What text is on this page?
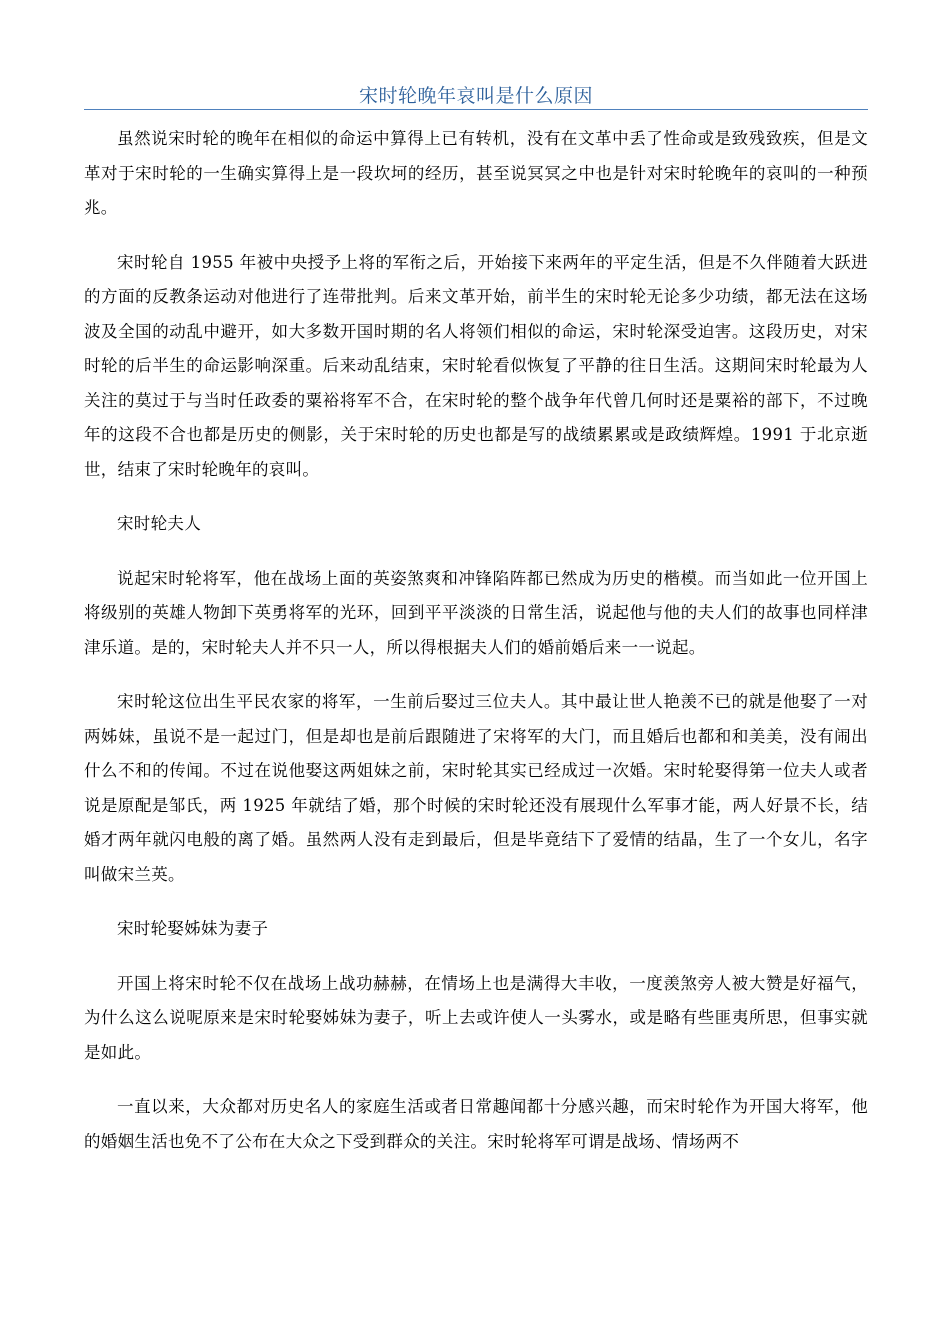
宋时轮晚年哀叫是什么原因

虽然说宋时轮的晚年在相似的命运中算得上已有转机，没有在文革中丢了性命或是致残致疾，但是文革对于宋时轮的一生确实算得上是一段坎坷的经历，甚至说冥冥之中也是针对宋时轮晚年的哀叫的一种预兆。

宋时轮自 1955 年被中央授予上将的军衔之后，开始接下来两年的平定生活，但是不久伴随着大跃进的方面的反教条运动对他进行了连带批判。后来文革开始，前半生的宋时轮无论多少功绩，都无法在这场波及全国的动乱中避开，如大多数开国时期的名人将领们相似的命运，宋时轮深受迫害。这段历史，对宋时轮的后半生的命运影响深重。后来动乱结束，宋时轮看似恢复了平静的往日生活。这期间宋时轮最为人关注的莫过于与当时任政委的粟裕将军不合，在宋时轮的整个战争年代曾几何时还是粟裕的部下，不过晚年的这段不合也都是历史的侧影，关于宋时轮的历史也都是写的战绩累累或是政绩辉煌。1991 于北京逝世，结束了宋时轮晚年的哀叫。

宋时轮夫人

说起宋时轮将军，他在战场上面的英姿煞爽和冲锋陷阵都已然成为历史的楷模。而当如此一位开国上将级别的英雄人物卸下英勇将军的光环，回到平平淡淡的日常生活，说起他与他的夫人们的故事也同样津津乐道。是的，宋时轮夫人并不只一人，所以得根据夫人们的婚前婚后来一一说起。

宋时轮这位出生平民农家的将军，一生前后娶过三位夫人。其中最让世人艳羡不已的就是他娶了一对两姊妹，虽说不是一起过门，但是却也是前后跟随进了宋将军的大门，而且婚后也都和和美美，没有闹出什么不和的传闻。不过在说他娶这两姐妹之前，宋时轮其实已经成过一次婚。宋时轮娶得第一位夫人或者说是原配是邹氏，两 1925 年就结了婚，那个时候的宋时轮还没有展现什么军事才能，两人好景不长，结婚才两年就闪电般的离了婚。虽然两人没有走到最后，但是毕竟结下了爱情的结晶，生了一个女儿，名字叫做宋兰英。

宋时轮娶姊妹为妻子

开国上将宋时轮不仅在战场上战功赫赫，在情场上也是满得大丰收，一度羡煞旁人被大赞是好福气，为什么这么说呢原来是宋时轮娶姊妹为妻子，听上去或许使人一头雾水，或是略有些匪夷所思，但事实就是如此。

一直以来，大众都对历史名人的家庭生活或者日常趣闻都十分感兴趣，而宋时轮作为开国大将军，他的婚姻生活也免不了公布在大众之下受到群众的关注。宋时轮将军可谓是战场、情场两不
